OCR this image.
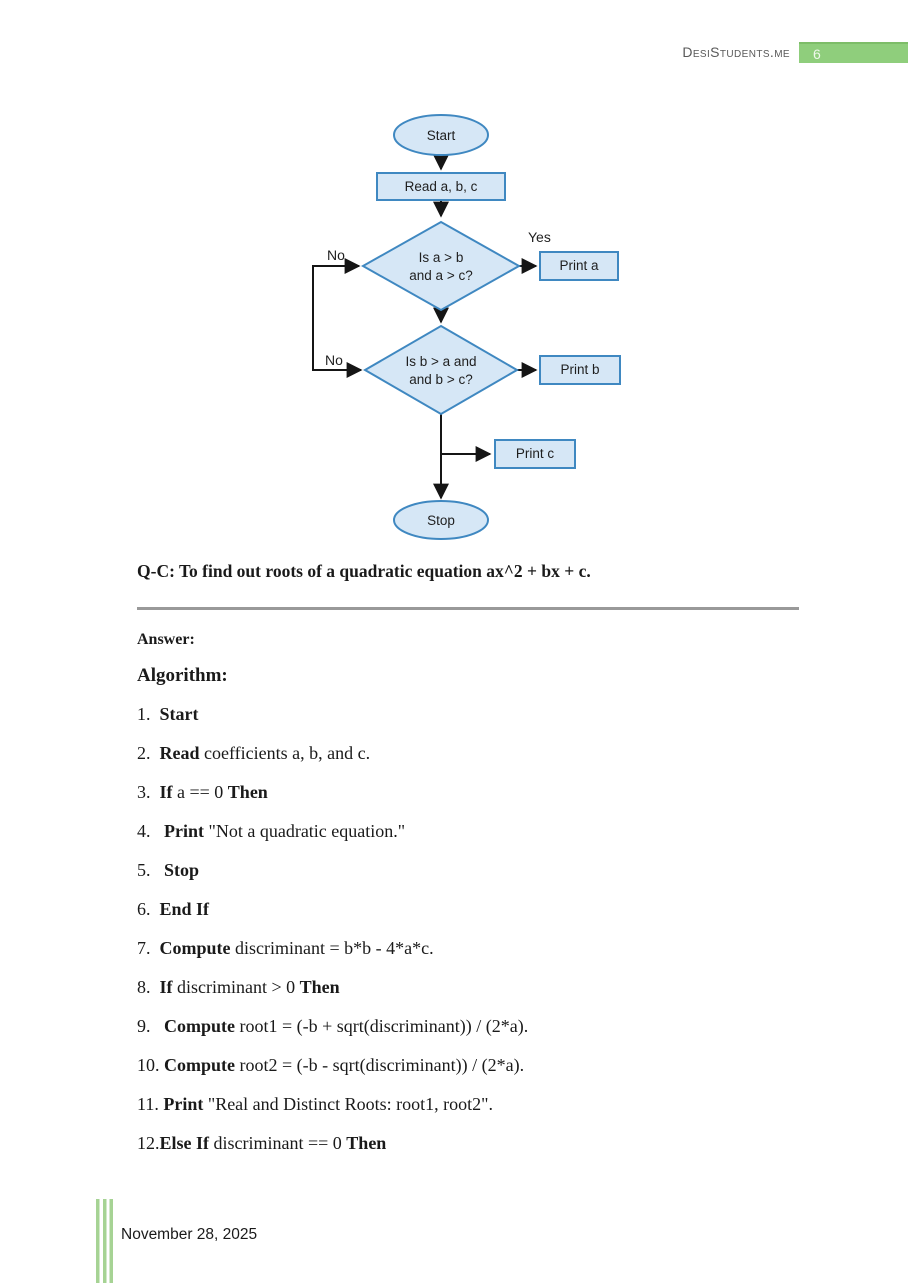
DesiStudents.me	6
Start
Read a, b, c
Is a > b
and a > c?
Print a
Is b > a and
and b > c?
Print b
Print c
Stop
Yes
No
No
Q-C: To find out roots of a quadratic equation ax^2 + bx + c.
Answer:
Algorithm:
1.  Start
2.  Read coefficients a, b, and c.
3.  If a == 0 Then
4.   Print "Not a quadratic equation."
5.   Stop
6.  End If
7.  Compute discriminant = b*b - 4*a*c.
8.  If discriminant > 0 Then
9.   Compute root1 = (-b + sqrt(discriminant)) / (2*a).
10. Compute root2 = (-b - sqrt(discriminant)) / (2*a).
11. Print "Real and Distinct Roots: root1, root2".
12.Else If discriminant == 0 Then
November 28, 2025
